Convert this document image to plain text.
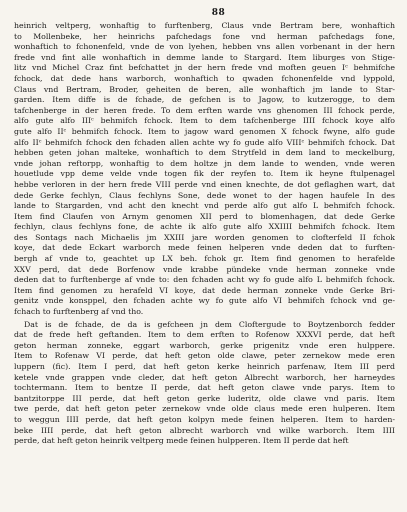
88
heinrich veltperg, wonhaftig to furftenberg, Claus vnde Bertram bere, wonhaftich
to Mollenbeke, her heinrichs pafchedags fone vnd herman pafchedags fone,
wonhaftich to fchonenfeld, vnde de von lyehen, hebben vns allen vorbenant in der hern
frede vnd fint alle wonhaftich in demme lande to Stargard. Item liburges von Stige-
litz vnd Michel Craz fint befchattet jn der hern frede vnd moften geuen Iᶜ behmifche
fchock, dat dede hans warborch, wonhaftich to qwaden fchonenfelde vnd lyppold,
Claus vnd Bertram, Broder, geheiten de beren, alle wonhaftich jm lande to Star-
garden. Item diffe is de fchade, de gefchen is to Jagow, to kutzerogge, to dem
tafchenberge in der heren frede. To dem erften warde vns ghenomen III fchock perde,
alfo gute alfo IIIᶜ behmifch fchock. Item to dem tafchenberge IIII fchock koye alfo
gute alfo IIᶜ behmifch fchock. Item to jagow ward genomen X fchock fwyne, alfo gude
alfo IIᶜ behmifch fchock den fchaden allen achte wy fo gude alfo VIIIᶜ behmifch fchock. Dat
hebben geten johan malteke, wonhaftich to dem Strytfeld in dem land to meckelburg,
vnde johan reftorpp, wonhaftig to dem holtze jn dem lande to wenden, vnde weren
houetlude vpp deme velde vnde togen fik der reyfen to. Item ik heyne ftulpenagel
hebbe verloren in der hern frede VIII perde vnd einen knechte, de dot geflaghen wart, dat
dede Gerke fechlyn, Claus fechlyns Sone, dede wonet to der hagen haufele In des
lande to Stargarden, vnd acht den knecht vnd perde alfo gut alfo L behmifch fchock.
Item find Claufen von Arnym genomen XII perd to blomenhagen, dat dede Gerke
fechlyn, claus fechlyns fone, de achte ik alfo gute alfo XXIIII behmifch fchock. Item
des Sontags nach Michaelis jm XXIII jare worden genomen to clofterfeld II fchok
koye, dat dede Eckart warborch mede feinen helperen vnde deden dat to furften-
bergh af vnde to, geachtet up LX beh. fchok gr. Item find genomen to herafelde
XXV perd, dat dede Borfenow vnde krabbe pündeke vnde herman zonneke vnde
deden dat to furftenberge af vnde to: den fchaden acht wy fo gude alfo L behmifch fchock.
Item find genomen zu herafeld VI koye, dat dede herman zonneke vnde Gerke Bri-
genitz vnde konsppel, den fchaden achte wy fo gute alfo VI behmifch fchock vnd ge-
fchach to furftenberg af vnd tho.
Dat is de fchade, de da is gefcheen jn dem Cloftergude to Boytzenborch fedder
dat de frede heft geftanden. Item to dem erften to Rofenow XXXVI perde, dat heft
geton herman zonneke, eggart warborch, gerke prigenitz vnde eren hulppere.
Item to Rofenaw VI perde, dat heft geton olde clawe, peter zernekow mede eren
luppern (fic). Item I perd, dat heft geton kerke heinrich parfenaw, Item III perd
ketele vnde grappen vnde cleder, dat heft geton Albrecht warborch, her harneydes
tochtermann. Item to bentze II perde, dat heft geton clawe vnde parys. Item to
bantzitorppe III perde, dat heft geton gerke luderitz, olde clawe vnd paris. Item
twe perde, dat heft geton peter zernekow vnde olde claus mede eren hulperen. Item
to weggun IIII perde, dat heft geton kolpyn mede feinen helperen. Item to harden-
beke IIII perde, dat heft geton albrecht warborch vnd wilke warborch. Item IIII
perde, dat heft geton heinrik veltperg mede feinen hulpperen. Item II perde dat heft
